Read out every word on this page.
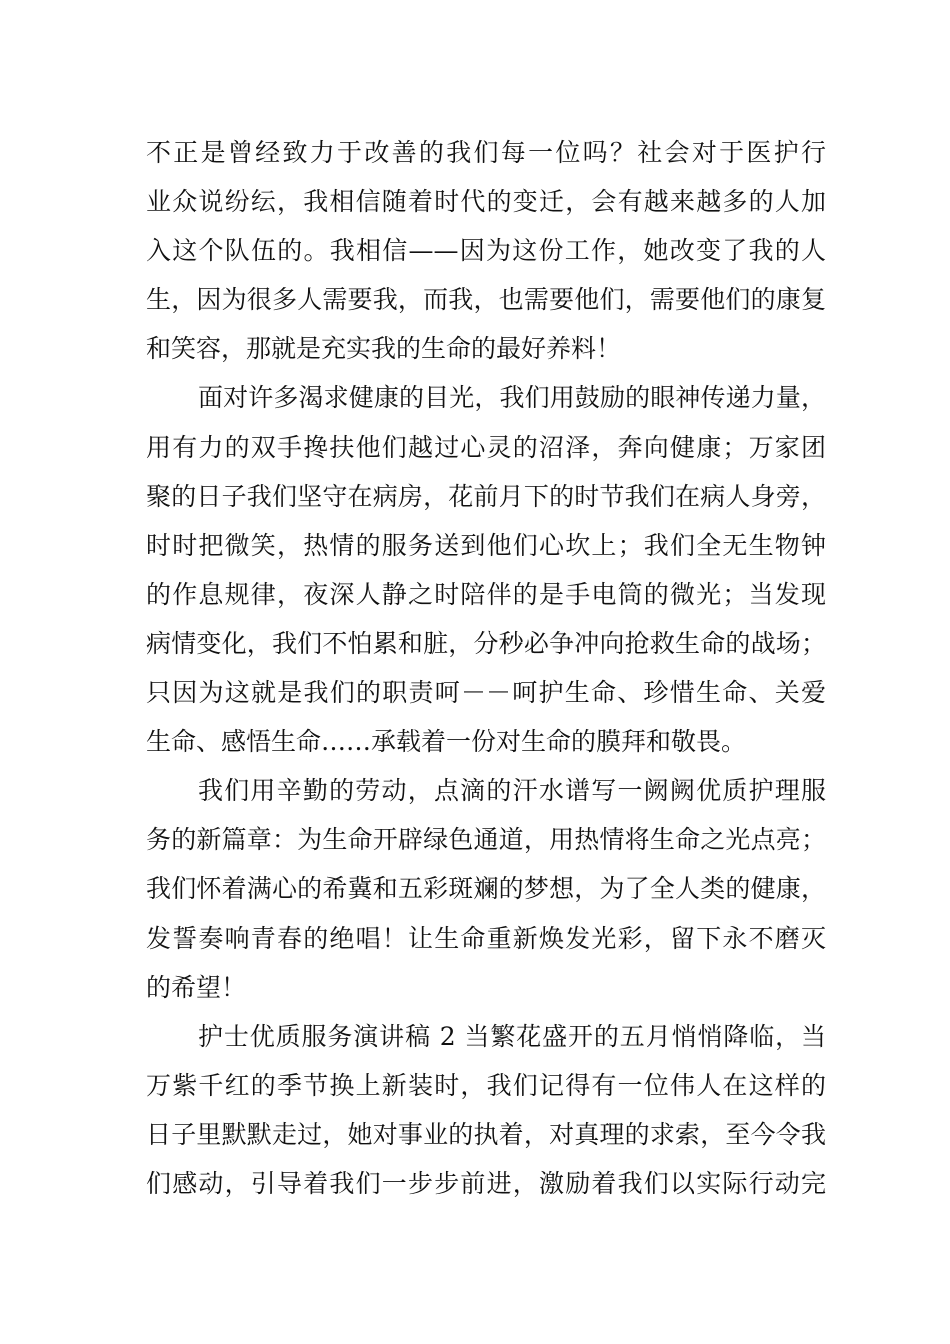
不正是曾经致力于改善的我们每一位吗？社会对于医护行
业众说纷纭，我相信随着时代的变迁，会有越来越多的人加
入这个队伍的。我相信——因为这份工作，她改变了我的人
生，因为很多人需要我，而我，也需要他们，需要他们的康复
和笑容，那就是充实我的生命的最好养料！
面对许多渴求健康的目光，我们用鼓励的眼神传递力量，
用有力的双手搀扶他们越过心灵的沼泽，奔向健康；万家团
聚的日子我们坚守在病房，花前月下的时节我们在病人身旁，
时时把微笑，热情的服务送到他们心坎上；我们全无生物钟
的作息规律，夜深人静之时陪伴的是手电筒的微光；当发现
病情变化，我们不怕累和脏，分秒必争冲向抢救生命的战场；
只因为这就是我们的职责呵－－呵护生命、珍惜生命、关爱
生命、感悟生命……承载着一份对生命的膜拜和敬畏。
我们用辛勤的劳动，点滴的汗水谱写一阙阙优质护理服
务的新篇章：为生命开辟绿色通道，用热情将生命之光点亮；
我们怀着满心的希冀和五彩斑斓的梦想，为了全人类的健康，
发誓奏响青春的绝唱！让生命重新焕发光彩，留下永不磨灭
的希望！
护士优质服务演讲稿 2 当繁花盛开的五月悄悄降临，当
万紫千红的季节换上新装时，我们记得有一位伟人在这样的
日子里默默走过，她对事业的执着，对真理的求索，至今令我
们感动，引导着我们一步步前进，激励着我们以实际行动完
